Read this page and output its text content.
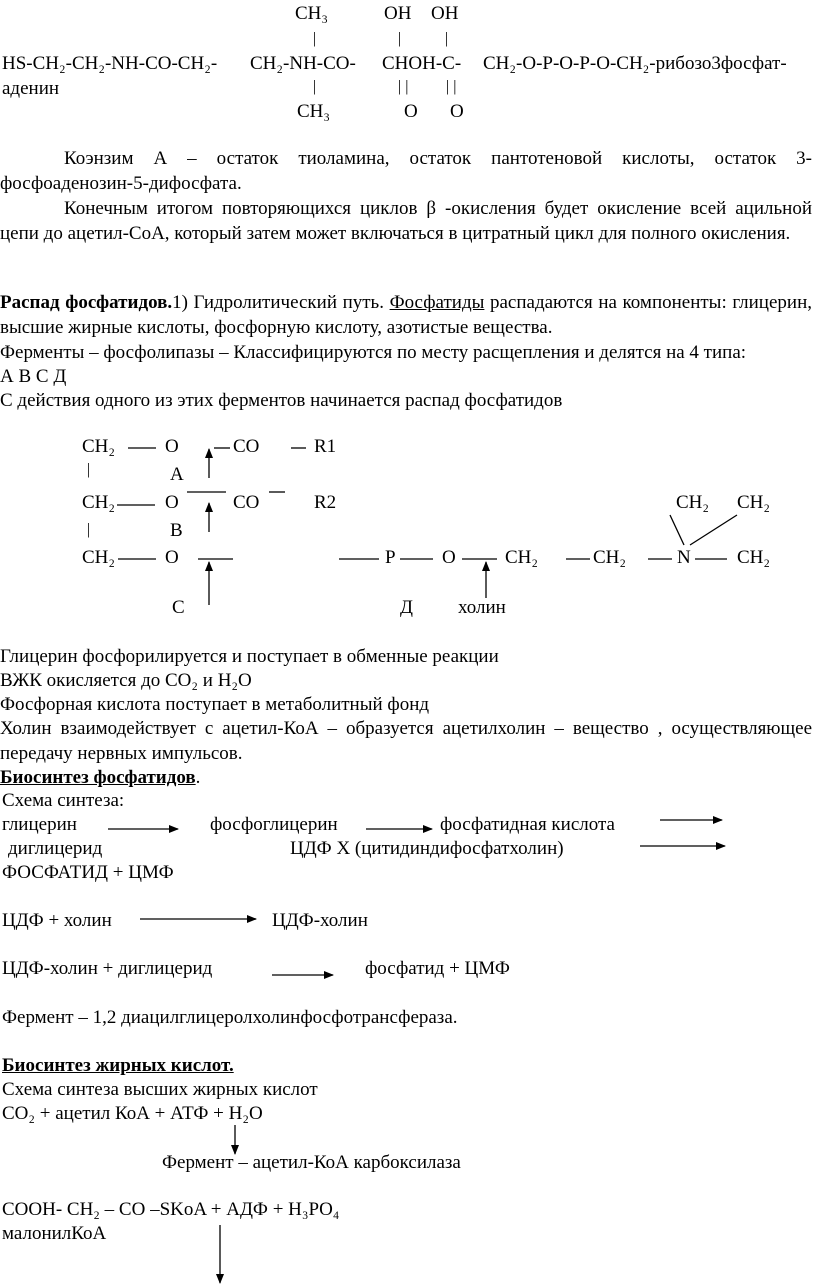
CH₃	OH OH
|	|	|
HS-CH₂-CH₂-NH-CO-CH₂- CH₂-NH-CO- CHOH-C- CH₂-O-P-O-P-O-CH₂-рибозо3фосфат-
аденин	|	| | | |
CH₃	O O
Коэнзим А – остаток тиоламина, остаток пантотеновой кислоты, остаток 3-фосфоаденозин-5-дифосфата.
Конечным итогом повторяющихся циклов β -окисления будет окисление всей ацильной цепи до ацетил-СоА, который затем может включаться в цитратный цикл для полного окисления.
Распад фосфатидов.1) Гидролитический путь. Фосфатиды распадаются на компоненты: глицерин, высшие жирные кислоты, фосфорную кислоту, азотистые вещества.
Ферменты – фосфолипазы – Классифицируются по месту расщепления и делятся на 4 типа:
А В С Д
С действия одного из этих ферментов начинается распад фосфатидов
CH₂	O	CO	R1
|	А
CH₂	O	CO	R2	CH₂ CH₂
|	В
CH₂	O	P O	CH₂	CH₂	N CH₂
С	Д холин
Глицерин фосфорилируется и поступает в обменные реакции
ВЖК окисляется до CO₂ и H₂O
Фосфорная кислота поступает в метаболитный фонд
Холин взаимодействует с ацетил-КоА – образуется ацетилхолин – вещество , осуществляющее передачу нервных импульсов.
Биосинтез фосфатидов.
Схема синтеза:
глицерин	фосфоглицерин	фосфатидная кислота
диглицерид	ЦДФ Х (цитидиндифосфатхолин)
ФОСФАТИД + ЦМФ
ЦДФ + холин	ЦДФ-холин
ЦДФ-холин + диглицерид	фосфатид + ЦМФ
Фермент – 1,2 диацилглицеролхолинфосфотрансфераза.
Биосинтез жирных кислот.
Схема синтеза высших жирных кислот
CO₂ + ацетил КоА + АТФ + H₂O
Фермент – ацетил-КоА карбоксилаза
COOH- CH₂ – CO –SKoA + АДФ + H₃PO₄
малонилКоА
